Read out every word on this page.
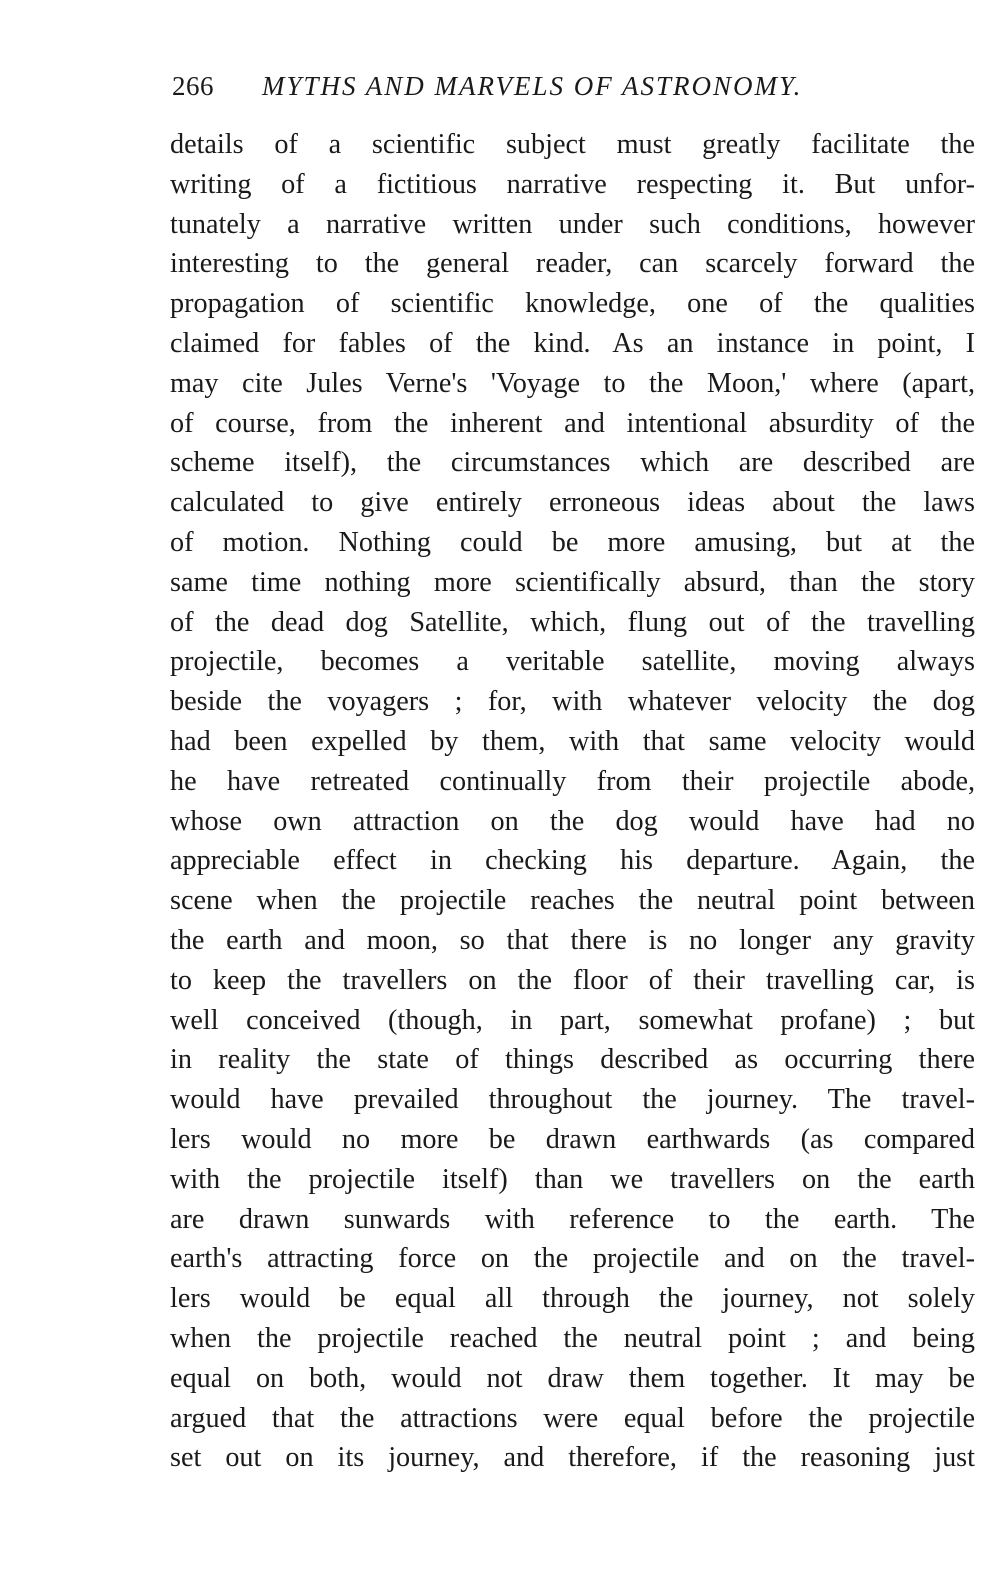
266 MYTHS AND MARVELS OF ASTRONOMY.
details of a scientific subject must greatly facilitate the
writing of a fictitious narrative respecting it. But unfor-
tunately a narrative written under such conditions, however
interesting to the general reader, can scarcely forward the
propagation of scientific knowledge, one of the qualities
claimed for fables of the kind. As an instance in point, I
may cite Jules Verne's 'Voyage to the Moon,' where (apart,
of course, from the inherent and intentional absurdity of the
scheme itself), the circumstances which are described are
calculated to give entirely erroneous ideas about the laws
of motion. Nothing could be more amusing, but at the
same time nothing more scientifically absurd, than the story
of the dead dog Satellite, which, flung out of the travelling
projectile, becomes a veritable satellite, moving always
beside the voyagers ; for, with whatever velocity the dog
had been expelled by them, with that same velocity would
he have retreated continually from their projectile abode,
whose own attraction on the dog would have had no
appreciable effect in checking his departure. Again, the
scene when the projectile reaches the neutral point between
the earth and moon, so that there is no longer any gravity
to keep the travellers on the floor of their travelling car, is
well conceived (though, in part, somewhat profane) ; but
in reality the state of things described as occurring there
would have prevailed throughout the journey. The travel-
lers would no more be drawn earthwards (as compared
with the projectile itself) than we travellers on the earth
are drawn sunwards with reference to the earth. The
earth's attracting force on the projectile and on the travel-
lers would be equal all through the journey, not solely
when the projectile reached the neutral point ; and being
equal on both, would not draw them together. It may be
argued that the attractions were equal before the projectile
set out on its journey, and therefore, if the reasoning just
